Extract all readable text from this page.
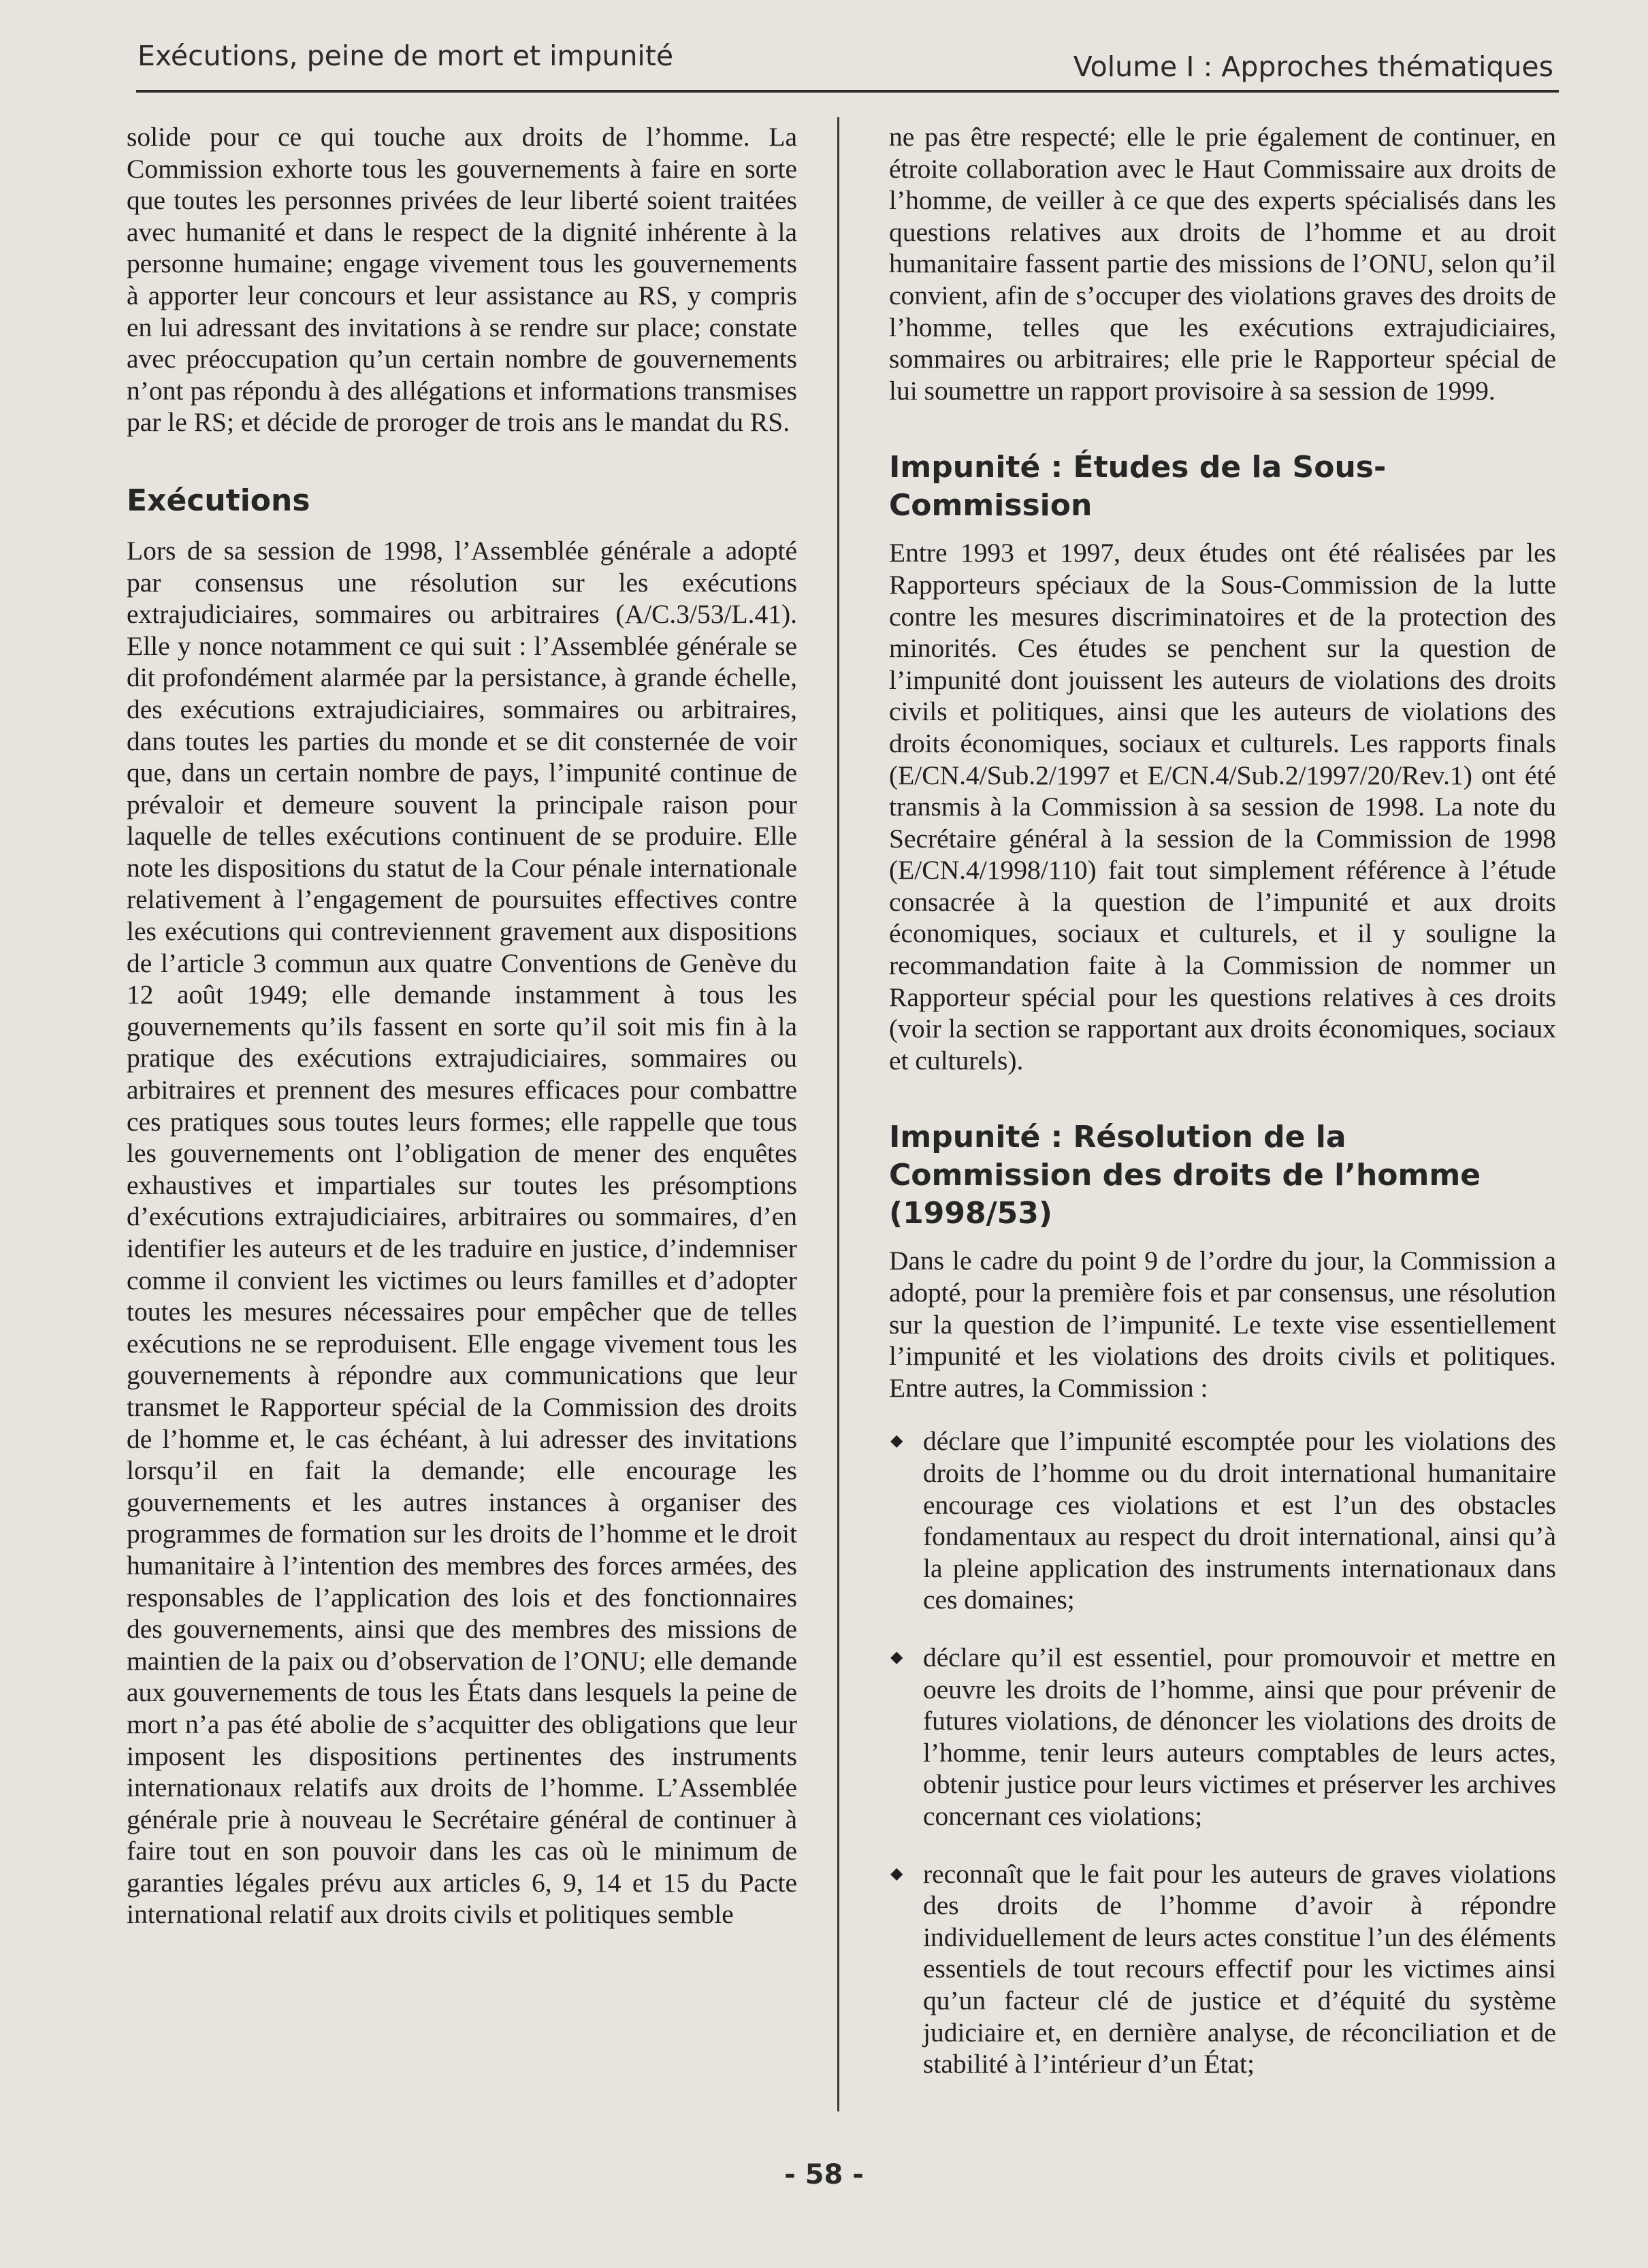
Exécutions, peine de mort et impunité	Volume I : Approches thématiques

solide pour ce qui touche aux droits de l’homme. La Commission exhorte tous les gouvernements à faire en sorte que toutes les personnes privées de leur liberté soient traitées avec humanité et dans le respect de la dignité inhérente à la personne humaine; engage vivement tous les gouvernements à apporter leur concours et leur assistance au RS, y compris en lui adressant des invitations à se rendre sur place; constate avec préoccupation qu’un certain nombre de gouvernements n’ont pas répondu à des allégations et informations transmises par le RS; et décide de proroger de trois ans le mandat du RS.

Exécutions

Lors de sa session de 1998, l’Assemblée générale a adopté par consensus une résolution sur les exécutions extrajudiciaires, sommaires ou arbitraires (A/C.3/53/L.41). Elle y nonce notamment ce qui suit : l’Assemblée générale se dit profondément alarmée par la persistance, à grande échelle, des exécutions extrajudiciaires, sommaires ou arbitraires, dans toutes les parties du monde et se dit consternée de voir que, dans un certain nombre de pays, l’impunité continue de prévaloir et demeure souvent la principale raison pour laquelle de telles exécutions continuent de se produire. Elle note les dispositions du statut de la Cour pénale internationale relativement à l’engagement de poursuites effectives contre les exécutions qui contreviennent gravement aux dispositions de l’article 3 commun aux quatre Conventions de Genève du 12 août 1949; elle demande instamment à tous les gouvernements qu’ils fassent en sorte qu’il soit mis fin à la pratique des exécutions extrajudiciaires, sommaires ou arbitraires et prennent des mesures efficaces pour combattre ces pratiques sous toutes leurs formes; elle rappelle que tous les gouvernements ont l’obligation de mener des enquêtes exhaustives et impartiales sur toutes les présomptions d’exécutions extrajudiciaires, arbitraires ou sommaires, d’en identifier les auteurs et de les traduire en justice, d’indemniser comme il convient les victimes ou leurs familles et d’adopter toutes les mesures nécessaires pour empêcher que de telles exécutions ne se reproduisent. Elle engage vivement tous les gouvernements à répondre aux communications que leur transmet le Rapporteur spécial de la Commission des droits de l’homme et, le cas échéant, à lui adresser des invitations lorsqu’il en fait la demande; elle encourage les gouvernements et les autres instances à organiser des programmes de formation sur les droits de l’homme et le droit humanitaire à l’intention des membres des forces armées, des responsables de l’application des lois et des fonctionnaires des gouvernements, ainsi que des membres des missions de maintien de la paix ou d’observation de l’ONU; elle demande aux gouvernements de tous les États dans lesquels la peine de mort n’a pas été abolie de s’acquitter des obligations que leur imposent les dispositions pertinentes des instruments internationaux relatifs aux droits de l’homme. L’Assemblée générale prie à nouveau le Secrétaire général de continuer à faire tout en son pouvoir dans les cas où le minimum de garanties légales prévu aux articles 6, 9, 14 et 15 du Pacte international relatif aux droits civils et politiques semble

ne pas être respecté; elle le prie également de continuer, en étroite collaboration avec le Haut Commissaire aux droits de l’homme, de veiller à ce que des experts spécialisés dans les questions relatives aux droits de l’homme et au droit humanitaire fassent partie des missions de l’ONU, selon qu’il convient, afin de s’occuper des violations graves des droits de l’homme, telles que les exécutions extrajudiciaires, sommaires ou arbitraires; elle prie le Rapporteur spécial de lui soumettre un rapport provisoire à sa session de 1999.

Impunité : Études de la Sous-Commission

Entre 1993 et 1997, deux études ont été réalisées par les Rapporteurs spéciaux de la Sous-Commission de la lutte contre les mesures discriminatoires et de la protection des minorités. Ces études se penchent sur la question de l’impunité dont jouissent les auteurs de violations des droits civils et politiques, ainsi que les auteurs de violations des droits économiques, sociaux et culturels. Les rapports finals (E/CN.4/Sub.2/1997 et E/CN.4/Sub.2/1997/20/Rev.1) ont été transmis à la Commission à sa session de 1998. La note du Secrétaire général à la session de la Commission de 1998 (E/CN.4/1998/110) fait tout simplement référence à l’étude consacrée à la question de l’impunité et aux droits économiques, sociaux et culturels, et il y souligne la recommandation faite à la Commission de nommer un Rapporteur spécial pour les questions relatives à ces droits (voir la section se rapportant aux droits économiques, sociaux et culturels).

Impunité : Résolution de la Commission des droits de l’homme (1998/53)

Dans le cadre du point 9 de l’ordre du jour, la Commission a adopté, pour la première fois et par consensus, une résolution sur la question de l’impunité. Le texte vise essentiellement l’impunité et les violations des droits civils et politiques. Entre autres, la Commission :

◆ déclare que l’impunité escomptée pour les violations des droits de l’homme ou du droit international humanitaire encourage ces violations et est l’un des obstacles fondamentaux au respect du droit international, ainsi qu’à la pleine application des instruments internationaux dans ces domaines;
◆ déclare qu’il est essentiel, pour promouvoir et mettre en oeuvre les droits de l’homme, ainsi que pour prévenir de futures violations, de dénoncer les violations des droits de l’homme, tenir leurs auteurs comptables de leurs actes, obtenir justice pour leurs victimes et préserver les archives concernant ces violations;
◆ reconnaît que le fait pour les auteurs de graves violations des droits de l’homme d’avoir à répondre individuellement de leurs actes constitue l’un des éléments essentiels de tout recours effectif pour les victimes ainsi qu’un facteur clé de justice et d’équité du système judiciaire et, en dernière analyse, de réconciliation et de stabilité à l’intérieur d’un État;
- 58 -
